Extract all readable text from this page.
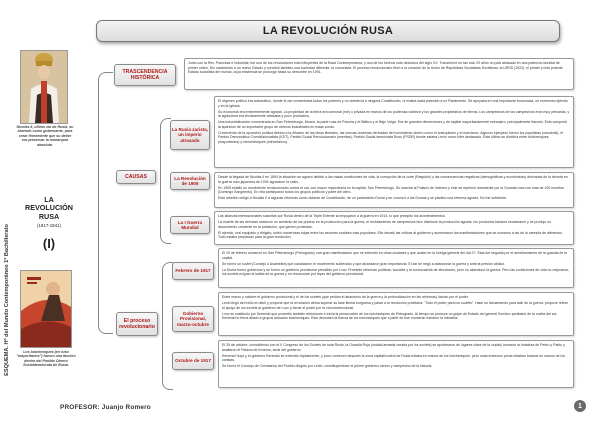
LA REVOLUCIÓN RUSA
ESQUEMA. Hª del Mundo Contemporáneo 1º Bachillerato
Nicolás II, último zar de Rusia, su atuendo como gobernante, para crear firmemente que su deber era preservar la monarquía absoluta.
LA REVOLUCIÓN RUSA
(1917-1941)
(I)
Los bolcheviques (en ruso "mayoritarios") fueron una facción dentro del Partido Obrero Socialdemócrata de Rusia.
TRASCENDENCIA HISTÓRICA

Junto con la Rev. Francesa e Industrial, fue uno de los revoluciones más influyentes de la Edad Contemporánea, y uno de los hechos más decisivos del siglo XX. Transformó en tan sólo 20 años un país atrasado en una potencia mundial de primer orden. Dio nacimiento a un nuevo Estado y concibió también una sociedad diferente, la comunista. El proceso revolucionario llevó a la creación de la Unión de Repúblicas Socialistas Soviéticas, la URSS (1922), el primer y más potente Estado socialista del mundo, cuya existencia se prolongó hasta su derrumbe en 1991.

CAUSAS
La Rusia zarista, un imperio atrasado

El régimen político era autocrático, donde el zar concentraba todos los poderes y no obedecía a ninguna Constitución, ni existía nada parecido a un Parlamento. Se apoyaba en una importante burocracia, un numeroso ejército y en la Iglesia.

Su economía era eminentemente agraria. La propiedad de la tierra era comunal (mir) o privada en manos de los poderosa nobleza y los grandes propietarios de tierras. Los campesinos de los campesinos eran muy precarias, y la agricultura era técnicamente atrasada y poco productiva.

Una industrialización concentrada en San Petersburgo, Moscú, la parte rusa de Polonia y el Báltico y el Bajo Volga. Era de grandes dimensiones y de capital mayoritariamente extranjero, principalmente francés. Esto comportó la aparición de un importante grupo de obreros industriales en estas zonas.

Crecimiento de la oposición política debido a la difusión de las ideas liberales, las nuevas doctrinas derivadas del movimiento obrero como el anarquismo y el marxismo. Algunos ejemplos fueron los populistas (narodniki), el Partido Democrático Constitucionalista (KDT), Partido Social Revolucionario (eseritas), Partido Social-demócrata Ruso (PSDR) donde estaba Lenin como líder destacado. Este último se dividiría entre bolcheviques (mayoritarios) y mencheviques (minoritarios).

La Revolución de 1905

Desde la llegada de Nicolás II en 1894 la situación se agravó debido a las malas condiciones de vida, la corrupción de la corte (Rasputín) y las consecuencias negativas (demográficas y económicas) derivadas de la derrota en la guerra ruso-japonesa de 1904 agravaron la crisis.

En 1905 estalló un movimiento revolucionario contra el zar, con mayor importancia en la capital, San Petersburgo. Su marcha al Palacio de Invierno y este se reprimió duramente por la Guardia rusa con más de 100 muertos (Domingo Sangriento). En ella participaron todos los grupos políticos y parte del clero.

Esta rebelión obligó a Nicolás II a algunas reformas como dotarse de Constitución, de un parlamento Duma y se convocó a las Dumas y se planteó una reforma agraria. No fue suficiente.

La I Guerra Mundial

Las alianzas internacionales suscritas por Rusia dentro de la Triple Entente la empujaron a la guerra en 1914, lo que precipitó los acontecimientos.

La muerte de las derrotas ocasionó un aumento de los precios en la producción para la guerra, el reclutamiento de campesinos hizo disminuir la producción agraria, los productos básicos escasearon y se produjo un descontento creciente en la población, que generó protestas.

El ejército, mal equipado y dirigido, sufrió numerosas bajas entre los sectores sociales más populares. Ello desató las críticas al gobierno y aumentaron las manifestaciones que se sumaron a las de la carestía de alimentos. Todo estaba preparado para la gran revolución.

El proceso revolucionario
Febrero de 1917

El 23 de febrero comenzó en San Petersburgo (Petrogrado) una gran manifestación que se extendió en otras ciudades y que acabó en la huelga general del día 27. Ésta fue seguida por el amotinamiento de la guardia de la capital.

Se formó un soviet (Consejo o Asamblea) que canalizaron el movimiento sublevado y que alcanzaron gran importancia. El zar se negó a abandonar la guerra y ante la presión abdicó.

La Duma formó gobiernos y se formó un gobierno provisional presidido por Lvov. Prometió reformas políticas, sociales y la convocatoria de elecciones, pero no abandonó la guerra. Pero las condiciones de vida no mejoraron, los soviets exigían la salida de la guerra y no reconocían por leyes del gobierno provisional.

Gobierno Provisional, marzo-octubre

Entre marzo y octubre el gobierno provisional y el de los soviets (que pedían el abandono de la guerra y la profundización en las reformas) luchan por el poder.

Lenin llegó del exilio en abril y propone que la revolución debía superar su fase liberal burguesa y pasar a la revolución proletaria: "Todo el poder para los soviets". Hace un llamamiento para salir de la guerra, propone retirar el apoyo de los soviets al gobierno de Lvov y tomar el poder por la vía insurreccional.

Lvov es sustituido por Kerenski que prometió también elecciones e inicia la persecución de los bolcheviques de Petrogrado. Al tiempo se produce un golpe de Estado del general Kornilov partidario de la vuelta del zar. Kerenski lo frena aliado a grupos armados bolcheviques. Esto demostró la fuerza de los bolcheviques que a partir de ese momento tomaron la iniciativa.

Octubre de 1917

El 25 de octubre, coincidiendo con el II Congreso de los Soviets de toda Rusia, la Guardia Roja (unidad armada creada por los soviets) se apoderaron de lugares clave de la ciudad, tomaron la fortaleza de Pedro y Pablo y asaltaron el Palacio de Invierno, sede del gobierno.

Kerenski huyó y el gobierno Kerenski se extendió rápidamente, y poco comenzó después la zona capital/control de Rusia estaba en manos de los bolcheviques, pero otras entonces ponía estaban todavía en manos de los zaristas.

Se formó el Consejo de Comisarios del Pueblo dirigido por Lenin, constituyéndose el primer gobierno obrero y campesino de la historia.

PROFESOR: Juanjo Romero	1
